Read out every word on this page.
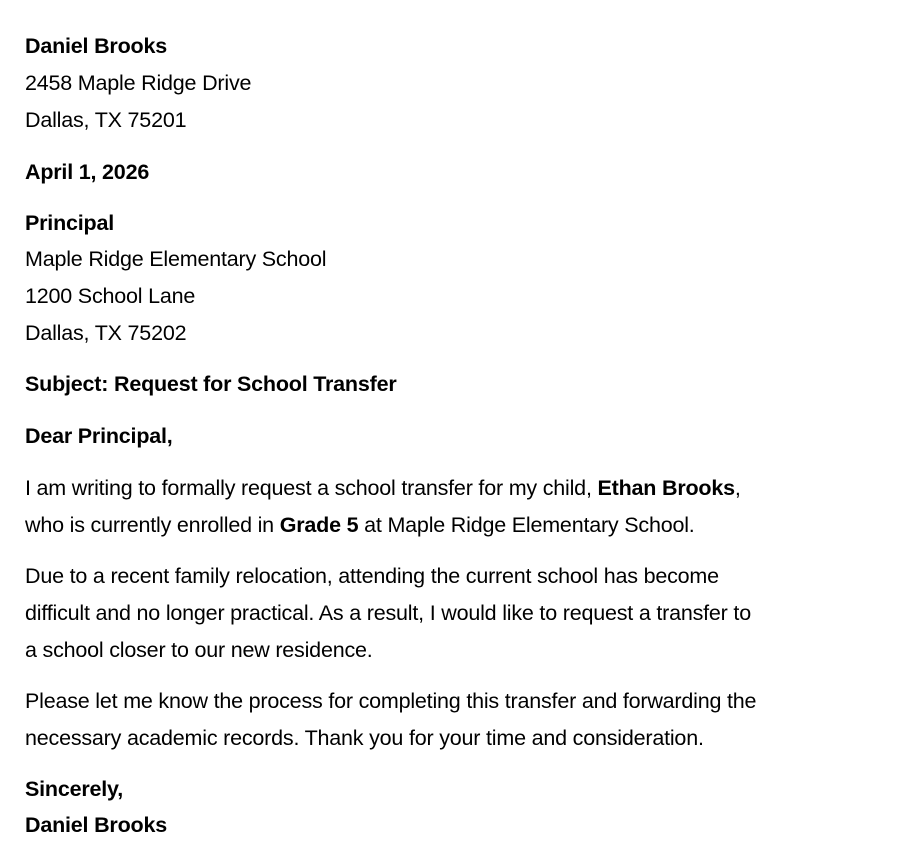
Daniel Brooks
2458 Maple Ridge Drive
Dallas, TX 75201
April 1, 2026
Principal
Maple Ridge Elementary School
1200 School Lane
Dallas, TX 75202
Subject: Request for School Transfer
Dear Principal,
I am writing to formally request a school transfer for my child, Ethan Brooks,
who is currently enrolled in Grade 5 at Maple Ridge Elementary School.
Due to a recent family relocation, attending the current school has become
difficult and no longer practical. As a result, I would like to request a transfer to
a school closer to our new residence.
Please let me know the process for completing this transfer and forwarding the
necessary academic records. Thank you for your time and consideration.
Sincerely,
Daniel Brooks
